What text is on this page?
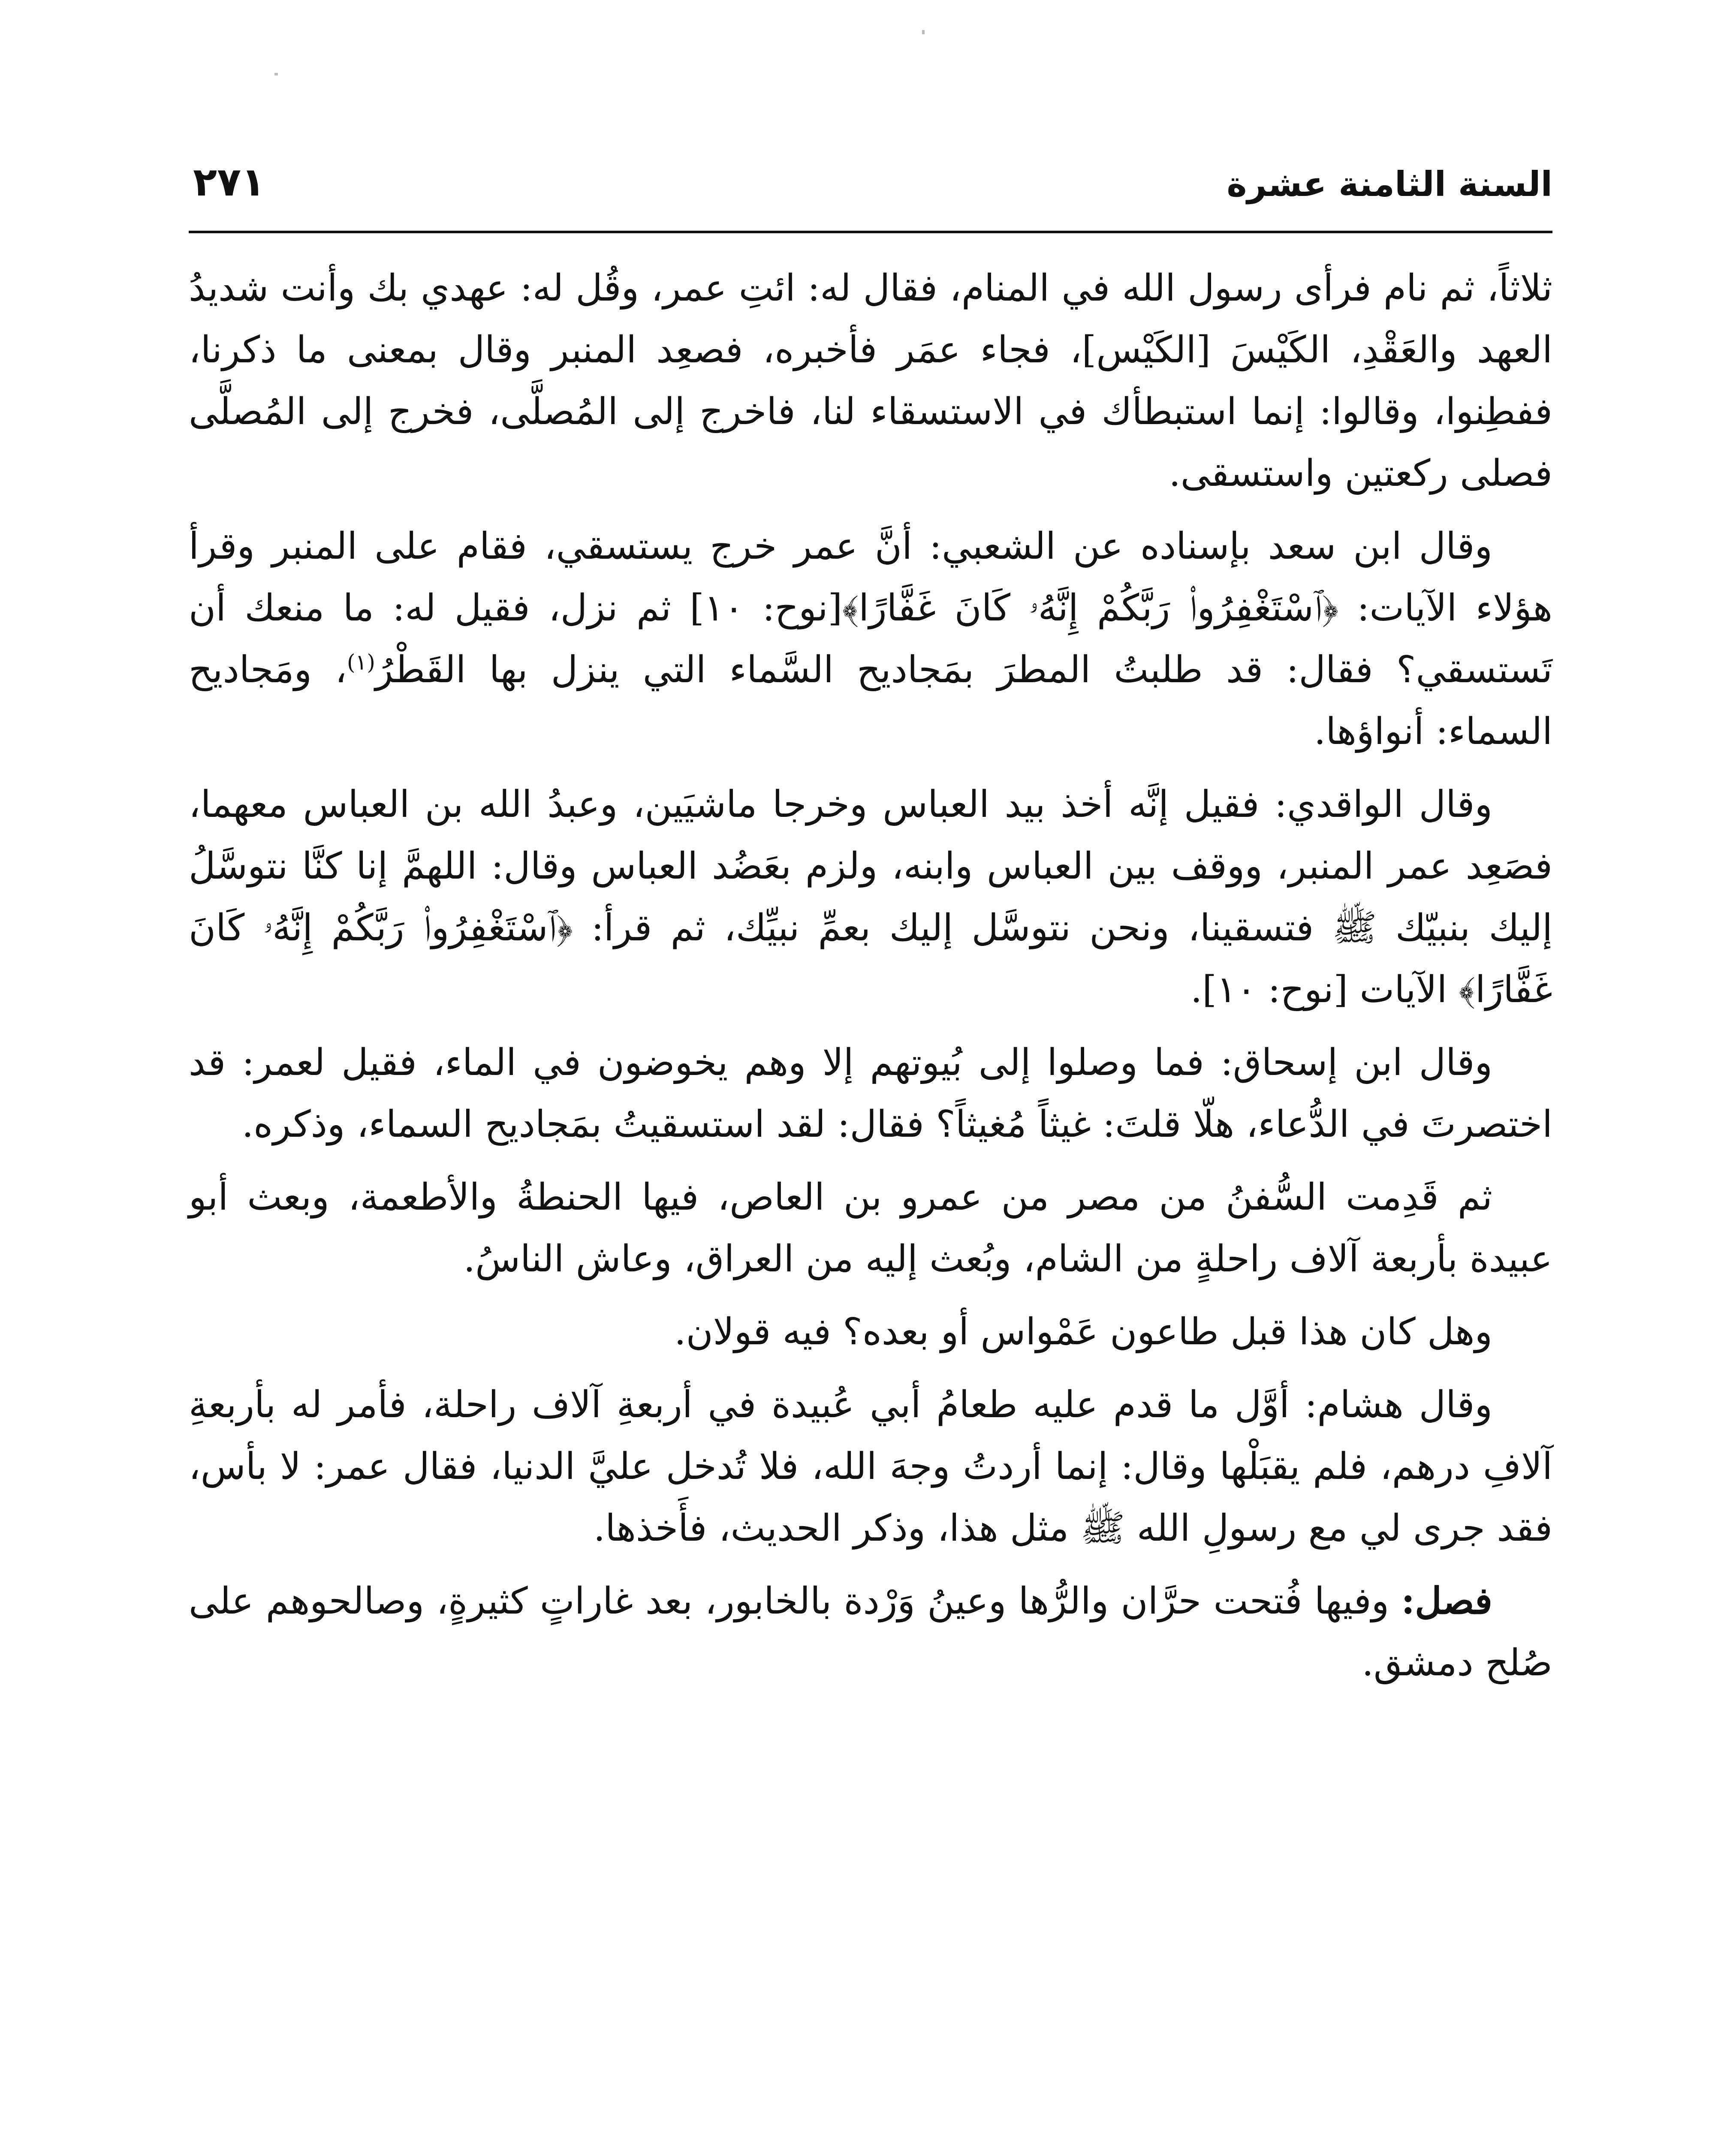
السنة الثامنة عشرة
٢٧١

ثلاثاً، ثم نام فرأى رسول الله في المنام، فقال له: ائتِ عمر، وقُل له: عهدي بك وأنت شديدُ العهد والعَقْدِ، الكَيْسَ [الكَيْس]، فجاء عمَر فأخبره، فصعِد المنبر وقال بمعنى ما ذكرنا، ففطِنوا، وقالوا: إنما استبطأك في الاستسقاء لنا، فاخرج إلى المُصلَّى، فخرج إلى المُصلَّى فصلى ركعتين واستسقى.

وقال ابن سعد بإسناده عن الشعبي: أنَّ عمر خرج يستسقي، فقام على المنبر وقرأ هؤلاء الآيات: ﴿ٱسْتَغْفِرُوا۟ رَبَّكُمْ إِنَّهُۥ كَانَ غَفَّارًا﴾[نوح: ١٠] ثم نزل، فقيل له: ما منعك أن تَستسقي؟ فقال: قد طلبتُ المطرَ بمَجاديح السَّماء التي ينزل بها القَطْرُ$^{(١)}$، ومَجاديح السماء: أنواؤها.

وقال الواقدي: فقيل إنَّه أخذ بيد العباس وخرجا ماشيَين، وعبدُ الله بن العباس معهما، فصَعِد عمر المنبر، ووقف بين العباس وابنه، ولزم بعَضُد العباس وقال: اللهمَّ إنا كنَّا نتوسَّلُ إليك بنبيّك ﷺ فتسقينا، ونحن نتوسَّل إليك بعمِّ نبيِّك، ثم قرأ: ﴿ٱسْتَغْفِرُوا۟ رَبَّكُمْ إِنَّهُۥ كَانَ غَفَّارًا﴾ الآيات [نوح: ١٠].

وقال ابن إسحاق: فما وصلوا إلى بُيوتهم إلا وهم يخوضون في الماء، فقيل لعمر: قد اختصرتَ في الدُّعاء، هلّا قلتَ: غيثاً مُغيثاً؟ فقال: لقد استسقيتُ بمَجاديح السماء، وذكره.

ثم قَدِمت السُّفنُ من مصر من عمرو بن العاص، فيها الحنطةُ والأطعمة، وبعث أبو عبيدة بأربعة آلاف راحلةٍ من الشام، وبُعث إليه من العراق، وعاش الناسُ.

وهل كان هذا قبل طاعون عَمْواس أو بعده؟ فيه قولان.

وقال هشام: أوَّل ما قدم عليه طعامُ أبي عُبيدة في أربعةِ آلاف راحلة، فأمر له بأربعةِ آلافِ درهم، فلم يقبَلْها وقال: إنما أردتُ وجهَ الله، فلا تُدخل عليَّ الدنيا، فقال عمر: لا بأس، فقد جرى لي مع رسولِ الله ﷺ مثل هذا، وذكر الحديث، فأَخذها.

فصل: وفيها فُتحت حرَّان والرُّها وعينُ وَرْدة بالخابور، بعد غاراتٍ كثيرةٍ، وصالحوهم على صُلح دمشق.
